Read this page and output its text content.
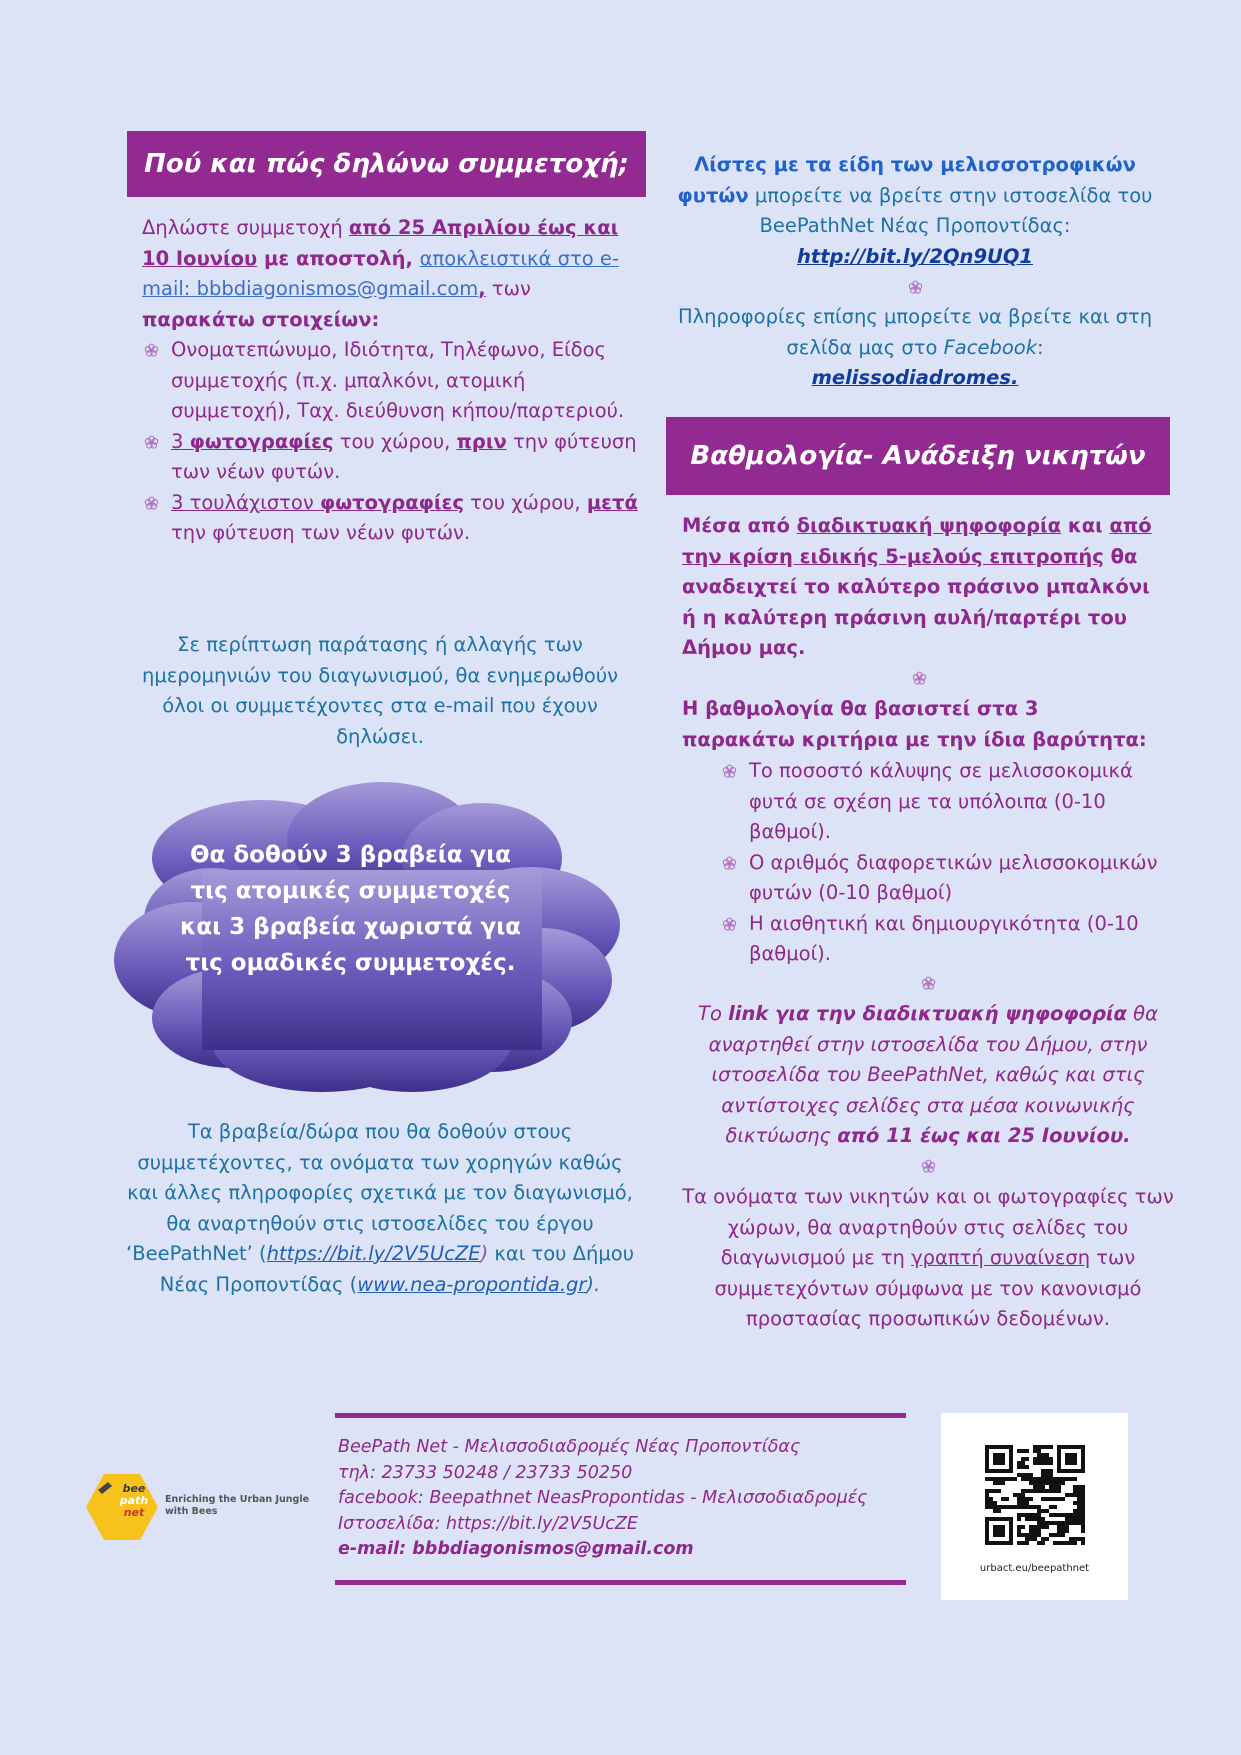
Πού και πώς δηλώνω συμμετοχή;
Δηλώστε συμμετοχή από 25 Απριλίου έως και 10 Ιουνίου με αποστολή, αποκλειστικά στο e-mail: bbbdiagonismos@gmail.com, των παρακάτω στοιχείων:
Ονοματεπώνυμο, Ιδιότητα, Τηλέφωνο, Είδος συμμετοχής (π.χ. μπαλκόνι, ατομική συμμετοχή), Ταχ. διεύθυνση κήπου/παρτεριού.
3 φωτογραφίες του χώρου, πριν την φύτευση των νέων φυτών.
3 τουλάχιστον φωτογραφίες του χώρου, μετά την φύτευση των νέων φυτών.
Σε περίπτωση παράτασης ή αλλαγής των ημερομηνιών του διαγωνισμού, θα ενημερωθούν όλοι οι συμμετέχοντες στα e-mail που έχουν δηλώσει.
Θα δοθούν 3 βραβεία για τις ατομικές συμμετοχές και 3 βραβεία χωριστά για τις ομαδικές συμμετοχές.
Τα βραβεία/δώρα που θα δοθούν στους συμμετέχοντες, τα ονόματα των χορηγών καθώς και άλλες πληροφορίες σχετικά με τον διαγωνισμό, θα αναρτηθούν στις ιστοσελίδες του έργου ‘BeePathNet’ (https://bit.ly/2V5UcZE) και του Δήμου Νέας Προποντίδας (www.nea-propontida.gr).
Λίστες με τα είδη των μελισσοτροφικών φυτών μπορείτε να βρείτε στην ιστοσελίδα του BeePathNet Νέας Προποντίδας: http://bit.ly/2Qn9UQ1
Πληροφορίες επίσης μπορείτε να βρείτε και στη σελίδα μας στο Facebook:
melissodiadromes.
Βαθμολογία- Ανάδειξη νικητών
Μέσα από διαδικτυακή ψηφοφορία και από την κρίση ειδικής 5-μελούς επιτροπής θα αναδειχτεί το καλύτερο πράσινο μπαλκόνι ή η καλύτερη πράσινη αυλή/παρτέρι του Δήμου μας.
Η βαθμολογία θα βασιστεί στα 3 παρακάτω κριτήρια με την ίδια βαρύτητα:
Το ποσοστό κάλυψης σε μελισσοκομικά φυτά σε σχέση με τα υπόλοιπα (0-10 βαθμοί).
Ο αριθμός διαφορετικών μελισσοκομικών φυτών (0-10 βαθμοί)
Η αισθητική και δημιουργικότητα (0-10 βαθμοί).
Το link για την διαδικτυακή ψηφοφορία θα αναρτηθεί στην ιστοσελίδα του Δήμου, στην ιστοσελίδα του BeePathNet, καθώς και στις αντίστοιχες σελίδες στα μέσα κοινωνικής δικτύωσης από 11 έως και 25 Ιουνίου.
Τα ονόματα των νικητών και οι φωτογραφίες των χώρων, θα αναρτηθούν στις σελίδες του διαγωνισμού με τη γραπτή συναίνεση των συμμετεχόντων σύμφωνα με τον κανονισμό προστασίας προσωπικών δεδομένων.
bee
path
net
Enriching the Urban Jungle
with Bees
BeePath Net - Μελισσοδιαδρομές Νέας Προποντίδας
τηλ: 23733 50248 / 23733 50250
facebook: Beepathnet NeasPropontidas - Μελισσοδιαδρομές
Ιστοσελίδα: https://bit.ly/2V5UcZE
e-mail: bbbdiagonismos@gmail.com
urbact.eu/beepathnet
